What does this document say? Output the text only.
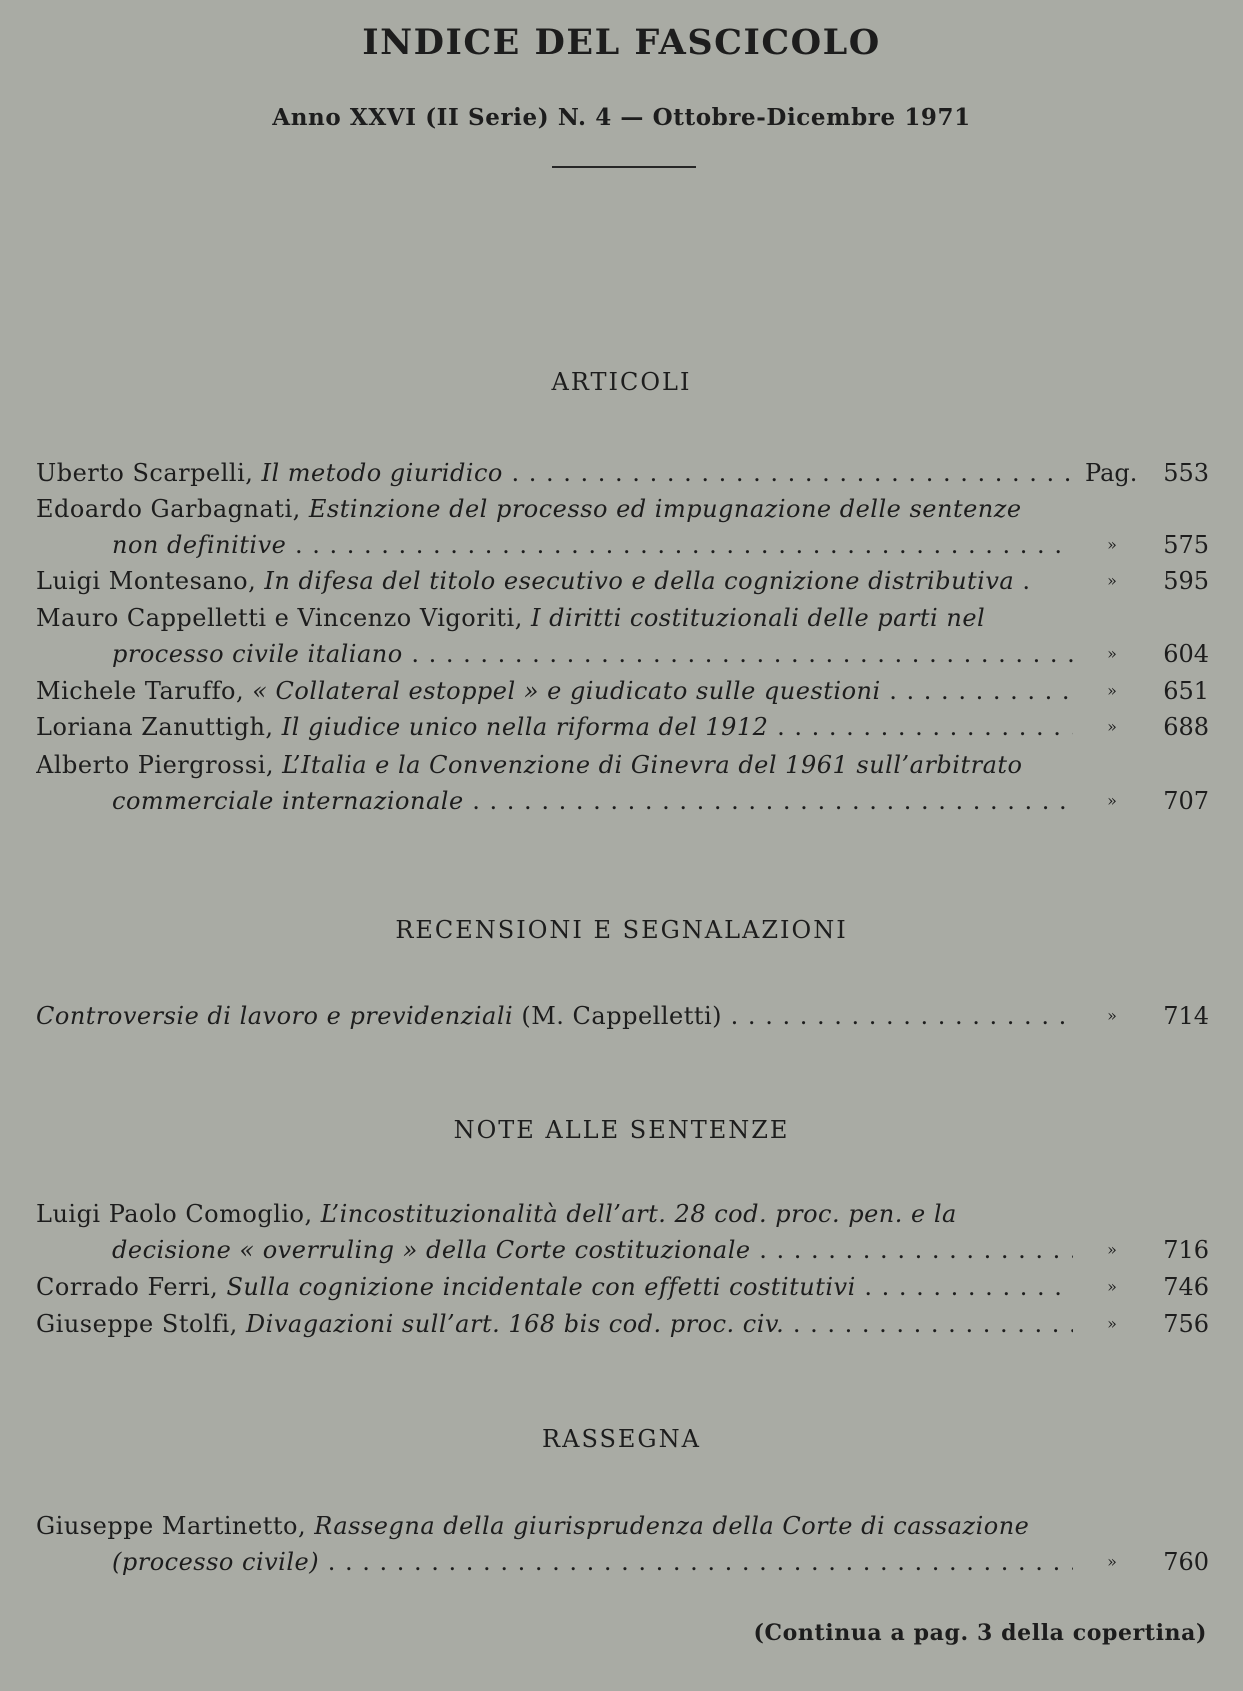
INDICE DEL FASCICOLO
Anno XXVI (II Serie) N. 4 — Ottobre-Dicembre 1971
ARTICOLI
Uberto Scarpelli, Il metodo giuridico . . .	Pag. 553
Edoardo Garbagnati, Estinzione del processo ed impugnazione delle sentenze
non definitive . . .	» 575
Luigi Montesano, In difesa del titolo esecutivo e della cognizione distributiva .	» 595
Mauro Cappelletti e Vincenzo Vigoriti, I diritti costituzionali delle parti nel
processo civile italiano . . .	» 604
Michele Taruffo, « Collateral estoppel » e giudicato sulle questioni . . .	» 651
Loriana Zanuttigh, Il giudice unico nella riforma del 1912 . . .	» 688
Alberto Piergrossi, L’Italia e la Convenzione di Ginevra del 1961 sull’arbitrato
commerciale internazionale . . .	» 707
RECENSIONI E SEGNALAZIONI
Controversie di lavoro e previdenziali (M. Cappelletti) . . .	» 714
NOTE ALLE SENTENZE
Luigi Paolo Comoglio, L’incostituzionalità dell’art. 28 cod. proc. pen. e la
decisione « overruling » della Corte costituzionale . . .	» 716
Corrado Ferri, Sulla cognizione incidentale con effetti costitutivi . . .	» 746
Giuseppe Stolfi, Divagazioni sull’art. 168 bis cod. proc. civ. . . .	» 756
RASSEGNA
Giuseppe Martinetto, Rassegna della giurisprudenza della Corte di cassazione
(processo civile) . . .	» 760
(Continua a pag. 3 della copertina)
